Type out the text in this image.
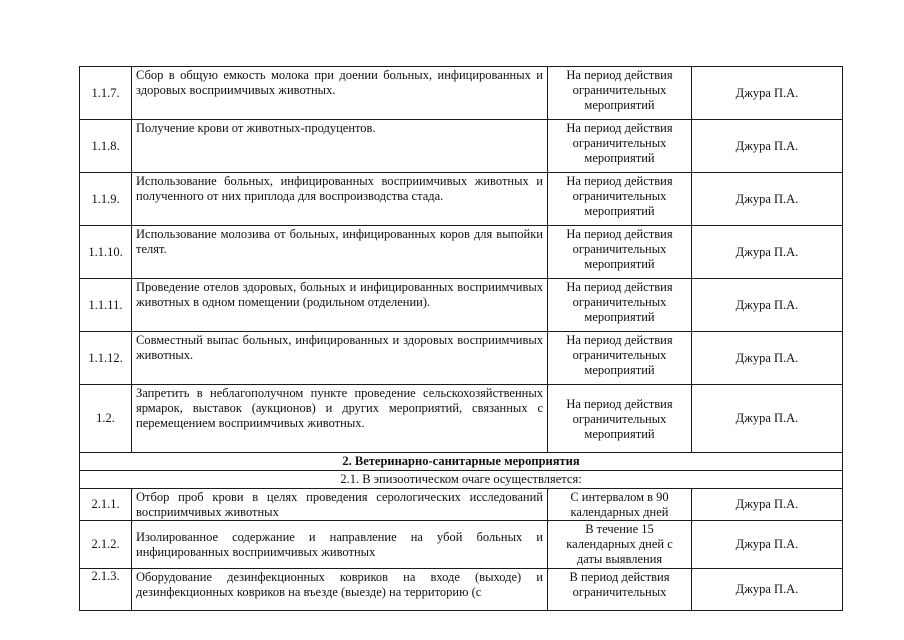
1.1.7.	Сбор в общую емкость молока при доении больных, инфицированных и здоровых восприимчивых животных.	На период действия ограничительных мероприятий	Джура П.А.
1.1.8.	Получение крови от животных-продуцентов.	На период действия ограничительных мероприятий	Джура П.А.
1.1.9.	Использование больных, инфицированных восприимчивых животных и полученного от них приплода для воспроизводства стада.	На период действия ограничительных мероприятий	Джура П.А.
1.1.10.	Использование молозива от больных, инфицированных коров для выпойки телят.	На период действия ограничительных мероприятий	Джура П.А.
1.1.11.	Проведение отелов здоровых, больных и инфицированных восприимчивых животных в одном помещении (родильном отделении).	На период действия ограничительных мероприятий	Джура П.А.
1.1.12.	Совместный выпас больных, инфицированных и здоровых восприимчивых животных.	На период действия ограничительных мероприятий	Джура П.А.
1.2.	Запретить в неблагополучном пункте проведение сельскохозяйственных ярмарок, выставок (аукционов) и других мероприятий, связанных с перемещением восприимчивых животных.	На период действия ограничительных мероприятий	Джура П.А.
2. Ветеринарно-санитарные мероприятия			
2.1. В эпизоотическом очаге осуществляется:			
2.1.1.	Отбор проб крови в целях проведения серологических исследований восприимчивых животных	С интервалом в 90 календарных дней	Джура П.А.
2.1.2.	Изолированное содержание и направление на убой больных и инфицированных восприимчивых животных	В течение 15 календарных дней с даты выявления	Джура П.А.
2.1.3.	Оборудование дезинфекционных ковриков на входе (выходе) и дезинфекционных ковриков на въезде (выезде) на территорию (с	В период действия ограничительных	Джура П.А.
